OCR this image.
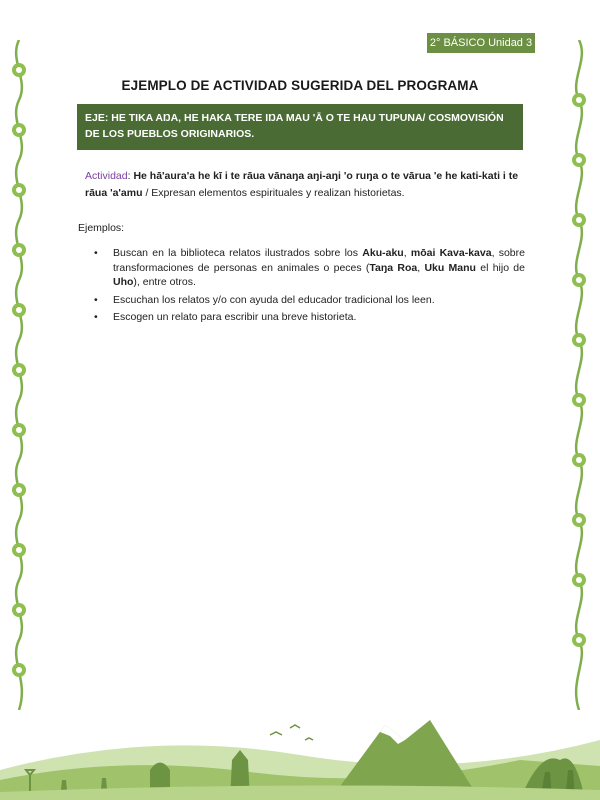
2° BÁSICO Unidad 3
EJEMPLO DE ACTIVIDAD SUGERIDA DEL PROGRAMA
EJE: HE TIKA AŊA, HE HAKA TERE IŊA MAU 'Ā O TE HAU TUPUNA/ COSMOVISIÓN DE LOS PUEBLOS ORIGINARIOS.
Actividad: He hā'aura'a he kī i te rāua vānaŋa aŋi-aŋi 'o ruŋa o te vārua 'e he kati-kati i te rāua 'a'amu / Expresan elementos espirituales y realizan historietas.
Ejemplos:
• Buscan en la biblioteca relatos ilustrados sobre los Aku-aku, mōai Kava-kava, sobre transformaciones de personas en animales o peces (Taŋa Roa, Uku Manu el hijo de Uho), entre otros.
• Escuchan los relatos y/o con ayuda del educador tradicional los leen.
• Escogen un relato para escribir una breve historieta.
